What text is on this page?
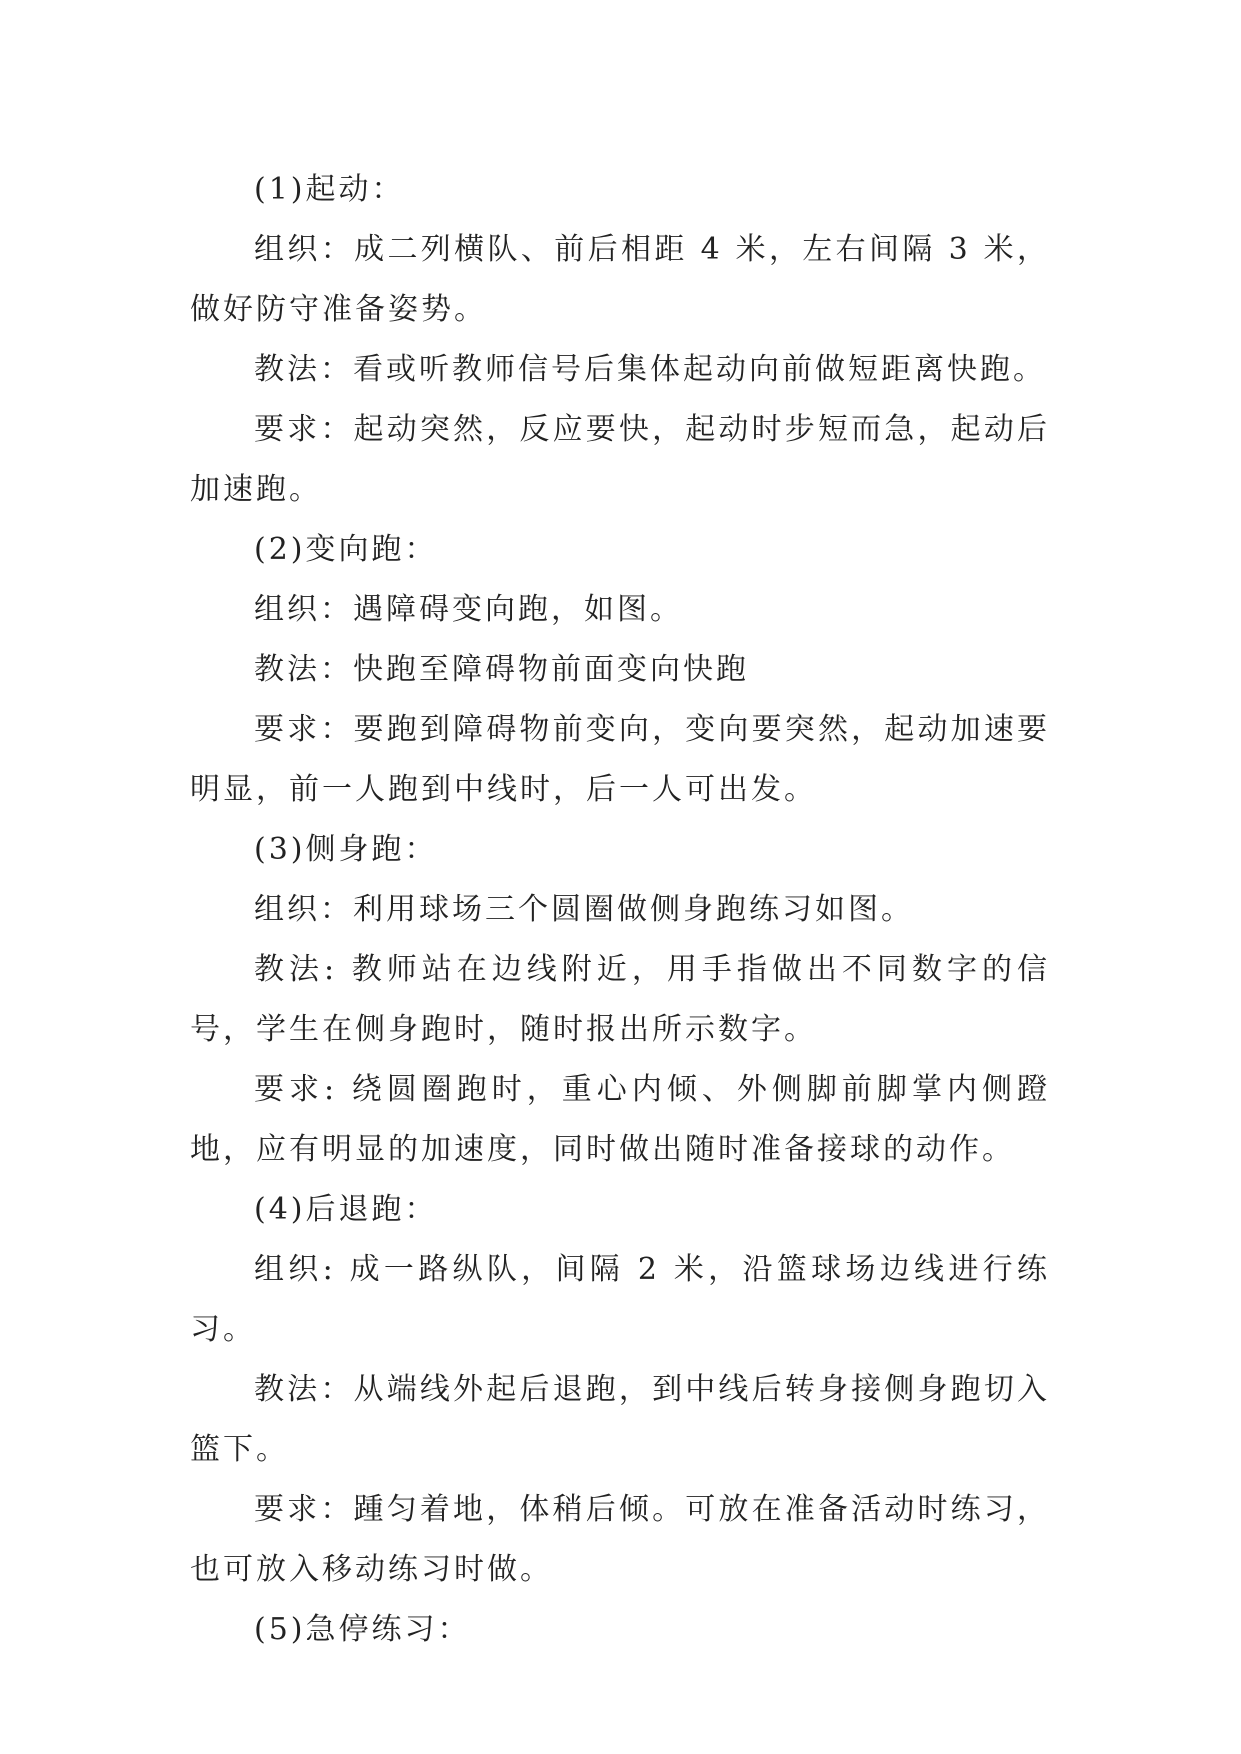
(1)起动：

组织：成二列横队、前后相距 4 米，左右间隔 3 米，做好防守准备姿势。

教法：看或听教师信号后集体起动向前做短距离快跑。

要求：起动突然，反应要快，起动时步短而急，起动后加速跑。

(2)变向跑：

组织：遇障碍变向跑，如图。

教法：快跑至障碍物前面变向快跑

要求：要跑到障碍物前变向，变向要突然，起动加速要明显，前一人跑到中线时，后一人可出发。

(3)侧身跑：

组织：利用球场三个圆圈做侧身跑练习如图。

教法: 教师站在边线附近，用手指做出不同数字的信号，学生在侧身跑时，随时报出所示数字。

要求: 绕圆圈跑时，重心内倾、外侧脚前脚掌内侧蹬地，应有明显的加速度，同时做出随时准备接球的动作。

(4)后退跑：

组织: 成一路纵队，间隔 2 米，沿篮球场边线进行练习。

教法：从端线外起后退跑，到中线后转身接侧身跑切入篮下。

要求：踵匀着地，体稍后倾。可放在准备活动时练习，也可放入移动练习时做。

(5)急停练习：
